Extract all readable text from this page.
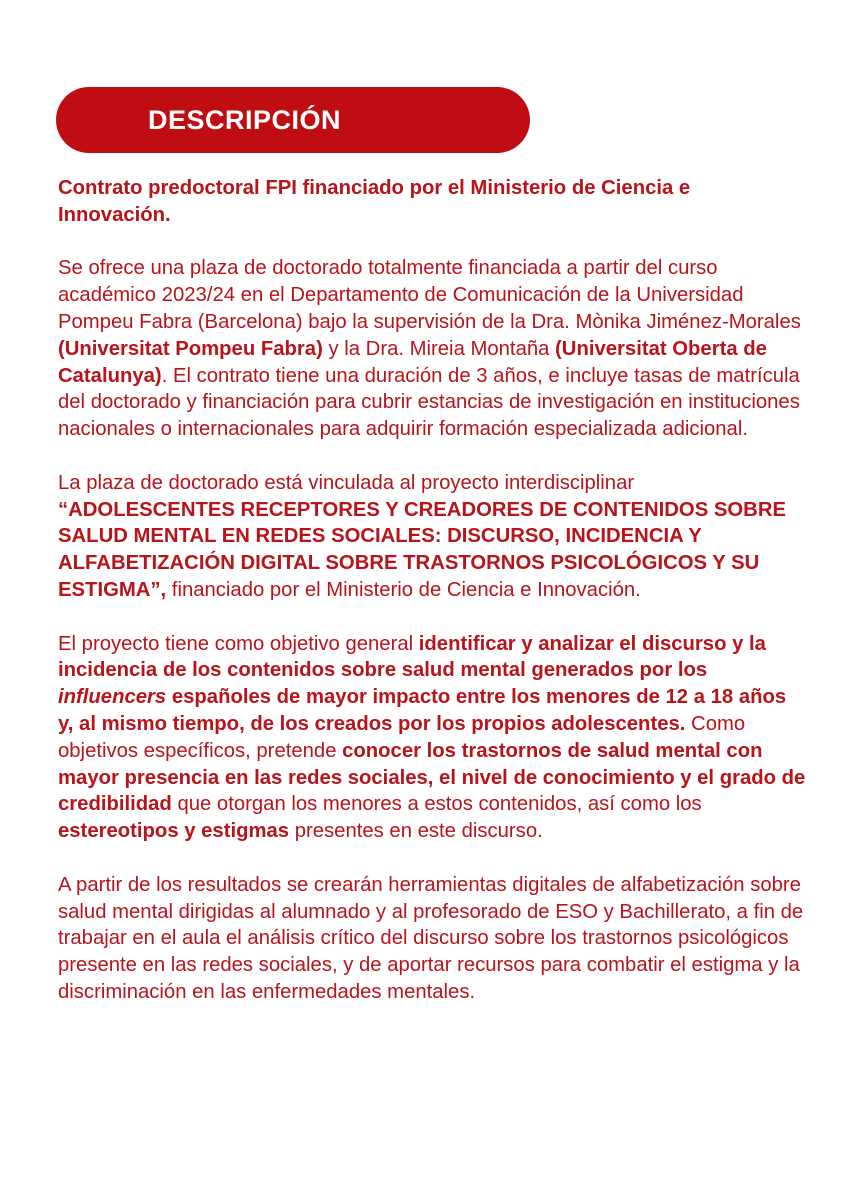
DESCRIPCIÓN

Contrato predoctoral FPI financiado por el Ministerio de Ciencia e Innovación.

Se ofrece una plaza de doctorado totalmente financiada a partir del curso académico 2023/24 en el Departamento de Comunicación de la Universidad Pompeu Fabra (Barcelona) bajo la supervisión de la Dra. Mònika Jiménez-Morales (Universitat Pompeu Fabra) y la Dra. Mireia Montaña (Universitat Oberta de Catalunya). El contrato tiene una duración de 3 años, e incluye tasas de matrícula del doctorado y financiación para cubrir estancias de investigación en instituciones nacionales o internacionales para adquirir formación especializada adicional.

La plaza de doctorado está vinculada al proyecto interdisciplinar “ADOLESCENTES RECEPTORES Y CREADORES DE CONTENIDOS SOBRE SALUD MENTAL EN REDES SOCIALES: DISCURSO, INCIDENCIA Y ALFABETIZACIÓN DIGITAL SOBRE TRASTORNOS PSICOLÓGICOS Y SU ESTIGMA”, financiado por el Ministerio de Ciencia e Innovación.

El proyecto tiene como objetivo general identificar y analizar el discurso y la incidencia de los contenidos sobre salud mental generados por los influencers españoles de mayor impacto entre los menores de 12 a 18 años y, al mismo tiempo, de los creados por los propios adolescentes. Como objetivos específicos, pretende conocer los trastornos de salud mental con mayor presencia en las redes sociales, el nivel de conocimiento y el grado de credibilidad que otorgan los menores a estos contenidos, así como los estereotipos y estigmas presentes en este discurso.

A partir de los resultados se crearán herramientas digitales de alfabetización sobre salud mental dirigidas al alumnado y al profesorado de ESO y Bachillerato, a fin de trabajar en el aula el análisis crítico del discurso sobre los trastornos psicológicos presente en las redes sociales, y de aportar recursos para combatir el estigma y la discriminación en las enfermedades mentales.
